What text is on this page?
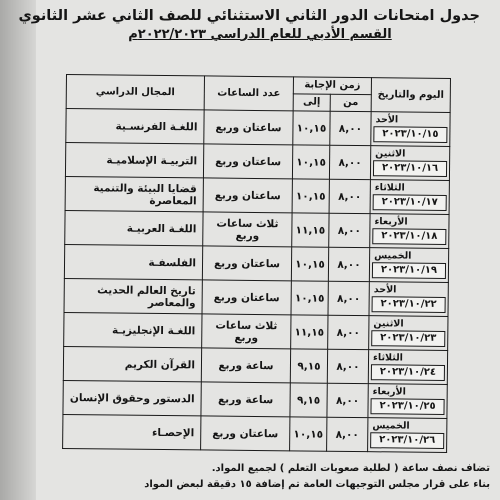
جدول امتحانات الدور الثاني الاستثنائي للصف الثاني عشر الثانوي
القسم الأدبي للعام الدراسي ٢٠٢٢/٢٠٢٣م
اليوم والتاريخ	زمن الإجابة		عدد الساعات	المجال الدراسي
	من	إلى		

الأحد
٢٠٢٣/١٠/١٥	٨,٠٠	١٠,١٥	ساعتان وربع	اللغـة الفرنسـية

الاثنين
٢٠٢٣/١٠/١٦	٨,٠٠	١٠,١٥	ساعتان وربع	التربيـة الإسلاميـة

الثلاثاء
٢٠٢٣/١٠/١٧	٨,٠٠	١٠,١٥	ساعتان وربع	قضايا البيئة والتنمية المعاصرة

الأربعاء
٢٠٢٣/١٠/١٨	٨,٠٠	١١,١٥	ثلاث ساعات وربع	اللغـة العربيـة

الخميس
٢٠٢٣/١٠/١٩	٨,٠٠	١٠,١٥	ساعتان وربع	الفلسفـة

الأحد
٢٠٢٣/١٠/٢٢	٨,٠٠	١٠,١٥	ساعتان وربع	تاريخ العالم الحديث والمعاصر

الاثنين
٢٠٢٣/١٠/٢٣	٨,٠٠	١١,١٥	ثلاث ساعات وربع	اللغـة الإنجليزيـة

الثلاثاء
٢٠٢٣/١٠/٢٤	٨,٠٠	٩,١٥	ساعة وربع	القرآن الكريم

الأربعاء
٢٠٢٣/١٠/٢٥	٨,٠٠	٩,١٥	ساعة وربع	الدستور وحقوق الإنسان

الخميس
٢٠٢٣/١٠/٢٦	٨,٠٠	١٠,١٥	ساعتان وربع	الإحصـاء
تضاف نصف ساعة ( لطلبة صعوبات التعلم ) لجميع المواد.
بناء على قرار مجلس التوجيهات العامة تم إضافة ١٥ دقيقة لبعض المواد
